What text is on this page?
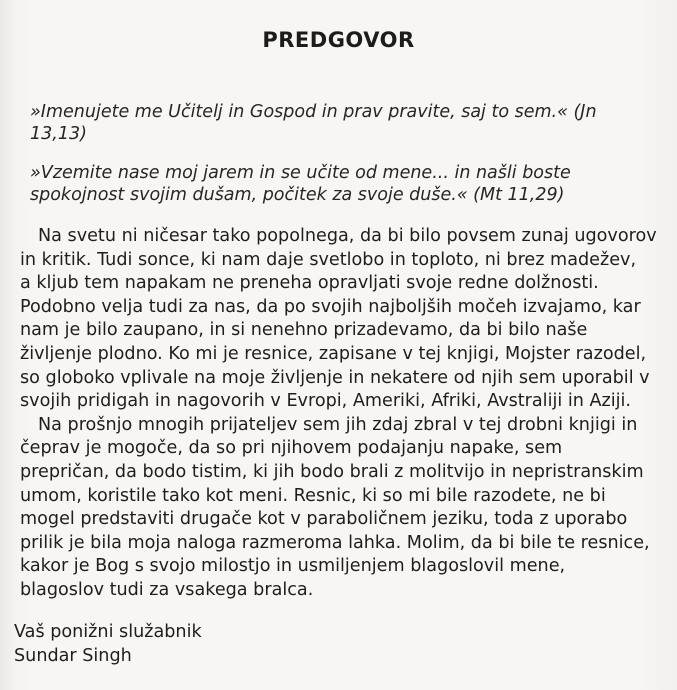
PREDGOVOR
»Imenujete me Učitelj in Gospod in prav pravite, saj to sem.« (Jn
13,13)
»Vzemite nase moj jarem in se učite od mene... in našli boste
spokojnost svojim dušam, počitek za svoje duše.« (Mt 11,29)
Na svetu ni ničesar tako popolnega, da bi bilo povsem zunaj ugovorov
in kritik. Tudi sonce, ki nam daje svetlobo in toploto, ni brez madežev,
a kljub tem napakam ne preneha opravljati svoje redne dolžnosti.
Podobno velja tudi za nas, da po svojih najboljših močeh izvajamo, kar
nam je bilo zaupano, in si nenehno prizadevamo, da bi bilo naše
življenje plodno. Ko mi je resnice, zapisane v tej knjigi, Mojster razodel,
so globoko vplivale na moje življenje in nekatere od njih sem uporabil v
svojih pridigah in nagovorih v Evropi, Ameriki, Afriki, Avstraliji in Aziji.
Na prošnjo mnogih prijateljev sem jih zdaj zbral v tej drobni knjigi in
čeprav je mogoče, da so pri njihovem podajanju napake, sem
prepričan, da bodo tistim, ki jih bodo brali z molitvijo in nepristranskim
umom, koristile tako kot meni. Resnic, ki so mi bile razodete, ne bi
mogel predstaviti drugače kot v paraboličnem jeziku, toda z uporabo
prilik je bila moja naloga razmeroma lahka. Molim, da bi bile te resnice,
kakor je Bog s svojo milostjo in usmiljenjem blagoslovil mene,
blagoslov tudi za vsakega bralca.
Vaš ponižni služabnik
Sundar Singh
